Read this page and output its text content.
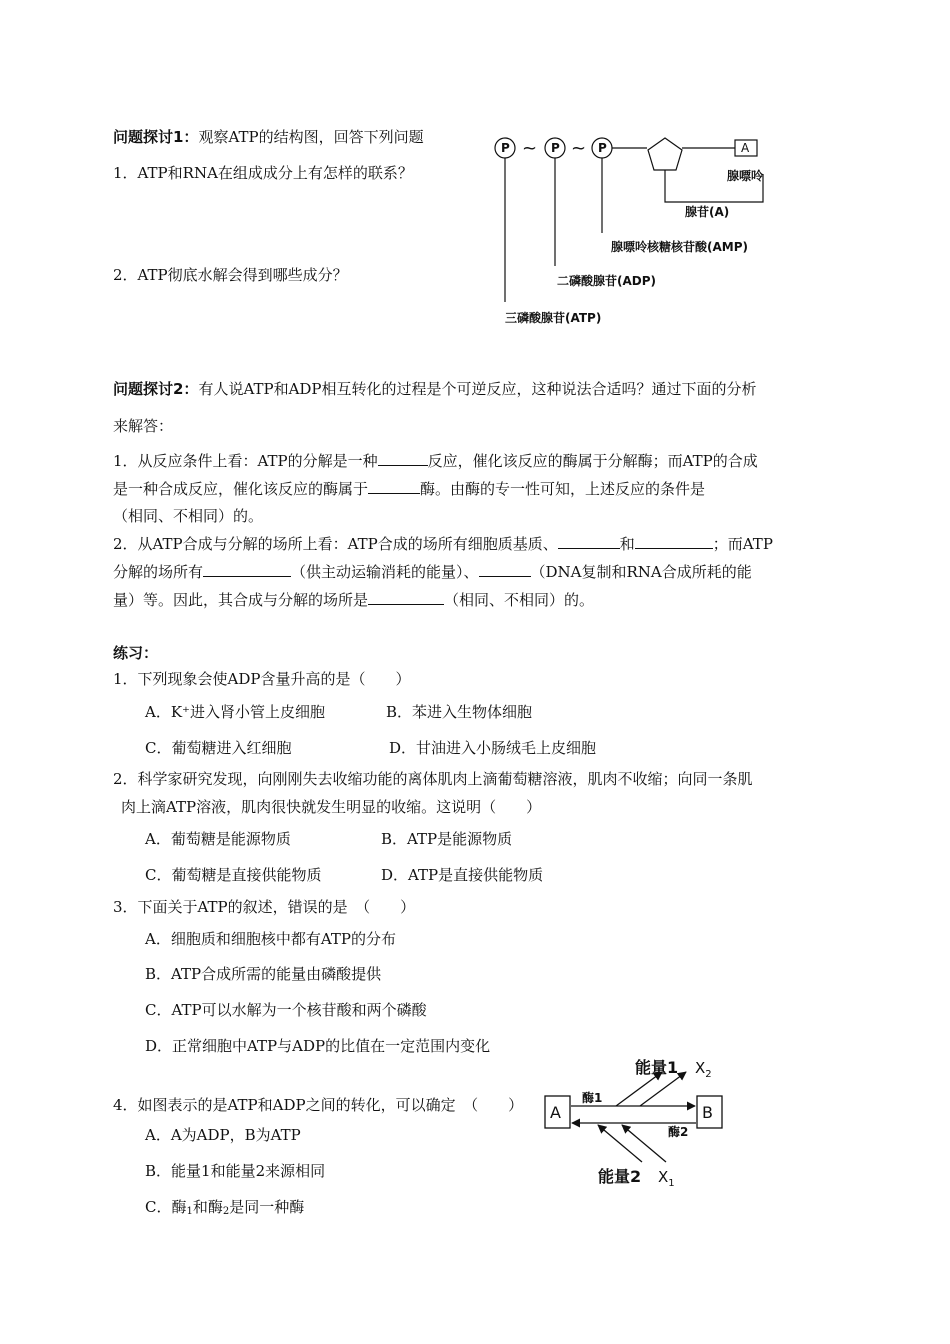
问题探讨1：观察ATP的结构图，回答下列问题
1．ATP和RNA在组成成分上有怎样的联系？
2．ATP彻底水解会得到哪些成分？
P	P	P
~ ~	A
腺嘌呤
腺苷(A)
腺嘌呤核糖核苷酸(AMP)
二磷酸腺苷(ADP)
三磷酸腺苷(ATP)
问题探讨2：有人说ATP和ADP相互转化的过程是个可逆反应，这种说法合适吗？通过下面的分析
来解答：
1．从反应条件上看：ATP的分解是一种	反应，催化该反应的酶属于分解酶；而ATP的合成
是一种合成反应，催化该反应的酶属于	酶。由酶的专一性可知，上述反应的条件是
（相同、不相同）的。
2．从ATP合成与分解的场所上看：ATP合成的场所有细胞质基质、	和	；而ATP
分解的场所有	（供主动运输消耗的能量）、	（DNA复制和RNA合成所耗的能
量）等。因此，其合成与分解的场所是	（相同、不相同）的。
练习：
1．下列现象会使ADP含量升高的是（　　）
A．K⁺进入肾小管上皮细胞	B．苯进入生物体细胞
C．葡萄糖进入红细胞	D．甘油进入小肠绒毛上皮细胞
2．科学家研究发现，向刚刚失去收缩功能的离体肌肉上滴葡萄糖溶液，肌肉不收缩；向同一条肌
肉上滴ATP溶液，肌肉很快就发生明显的收缩。这说明（　　）
A．葡萄糖是能源物质	B．ATP是能源物质
C．葡萄糖是直接供能物质	D．ATP是直接供能物质
3．下面关于ATP的叙述，错误的是　（　　）
A．细胞质和细胞核中都有ATP的分布
B．ATP合成所需的能量由磷酸提供
C．ATP可以水解为一个核苷酸和两个磷酸
D．正常细胞中ATP与ADP的比值在一定范围内变化
4．如图表示的是ATP和ADP之间的转化，可以确定　（　　）
A．A为ADP，B为ATP
B．能量1和能量2来源相同
C．酶$_1$和酶$_2$是同一种酶
A	B
酶1
酶2
能量1 $X_2$
能量2 $X_1$
